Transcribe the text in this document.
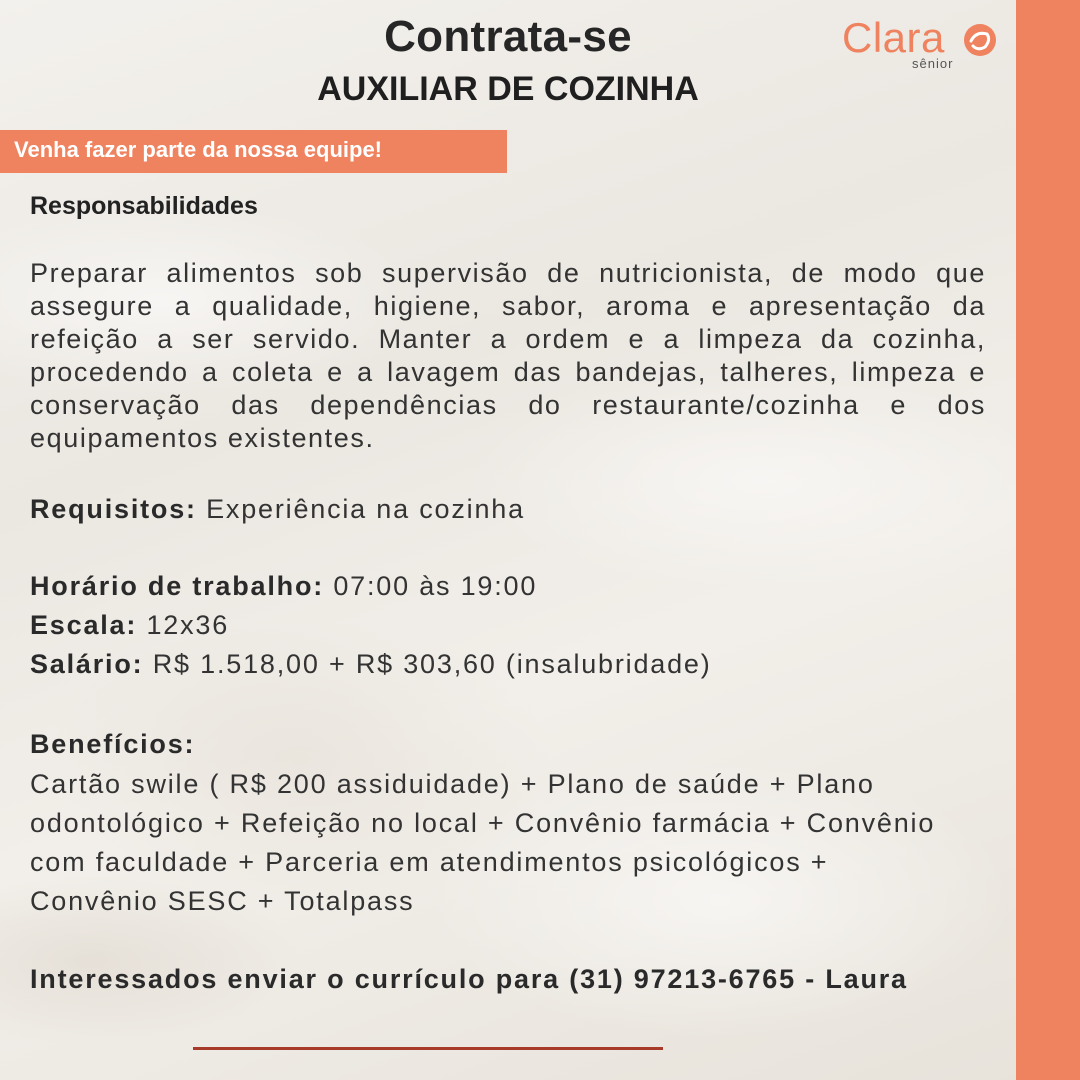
Contrata-se
AUXILIAR DE COZINHA
Clara
sênior
Venha fazer parte da nossa equipe!
Responsabilidades
Preparar alimentos sob supervisão de nutricionista, de modo que assegure a qualidade, higiene, sabor, aroma e apresentação da refeição a ser servido. Manter a ordem e a limpeza da cozinha, procedendo a coleta e a lavagem das bandejas, talheres, limpeza e conservação das dependências do restaurante/cozinha e dos equipamentos existentes.
Requisitos: Experiência na cozinha
Horário de trabalho: 07:00 às 19:00
Escala: 12x36
Salário: R$ 1.518,00 + R$ 303,60 (insalubridade)
Benefícios:
Cartão swile ( R$ 200 assiduidade) + Plano de saúde + Plano odontológico + Refeição no local + Convênio farmácia + Convênio com faculdade + Parceria em atendimentos psicológicos + Convênio SESC + Totalpass
Interessados enviar o currículo para (31) 97213-6765 - Laura
